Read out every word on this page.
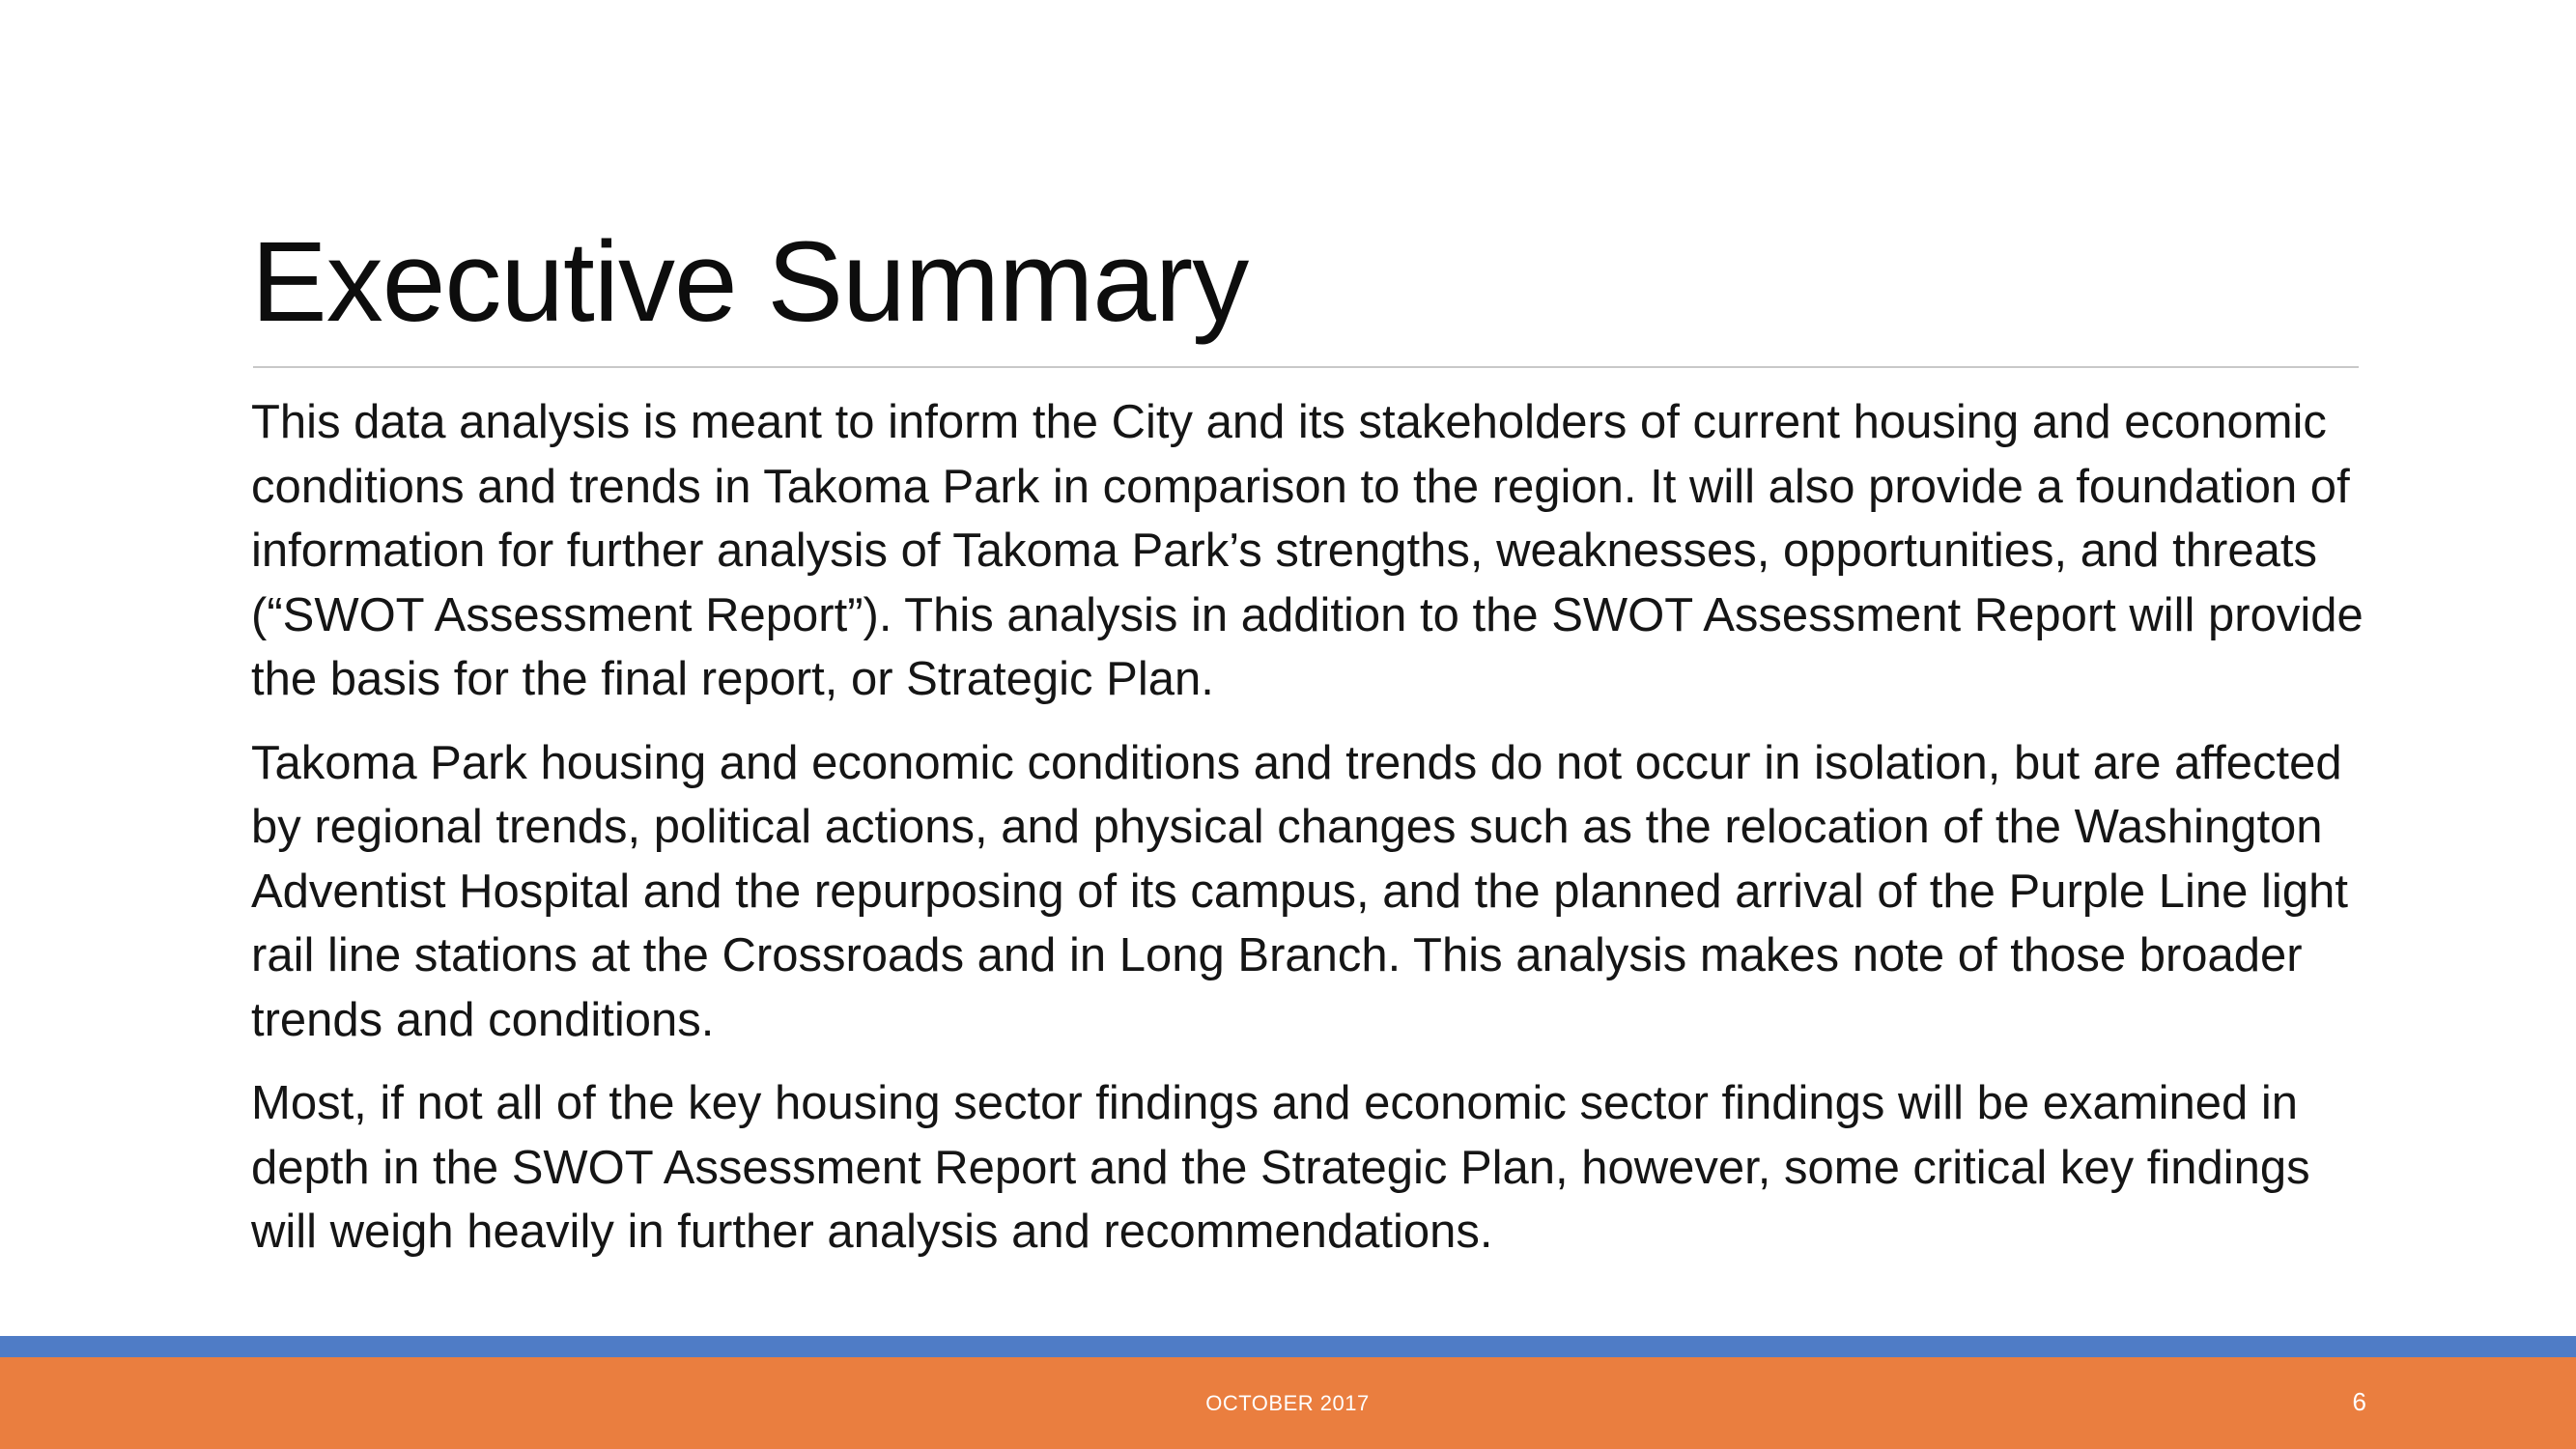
Executive Summary

This data analysis is meant to inform the City and its stakeholders of current housing and economic conditions and trends in Takoma Park in comparison to the region. It will also provide a foundation of information for further analysis of Takoma Park’s strengths, weaknesses, opportunities, and threats (“SWOT Assessment Report”). This analysis in addition to the SWOT Assessment Report will provide the basis for the final report, or Strategic Plan.

Takoma Park housing and economic conditions and trends do not occur in isolation, but are affected by regional trends, political actions, and physical changes such as the relocation of the Washington Adventist Hospital and the repurposing of its campus, and the planned arrival of the Purple Line light rail line stations at the Crossroads and in Long Branch. This analysis makes note of those broader trends and conditions.

Most, if not all of the key housing sector findings and economic sector findings will be examined in depth in the SWOT Assessment Report and the Strategic Plan, however, some critical key findings will weigh heavily in further analysis and recommendations.

OCTOBER 2017	6
